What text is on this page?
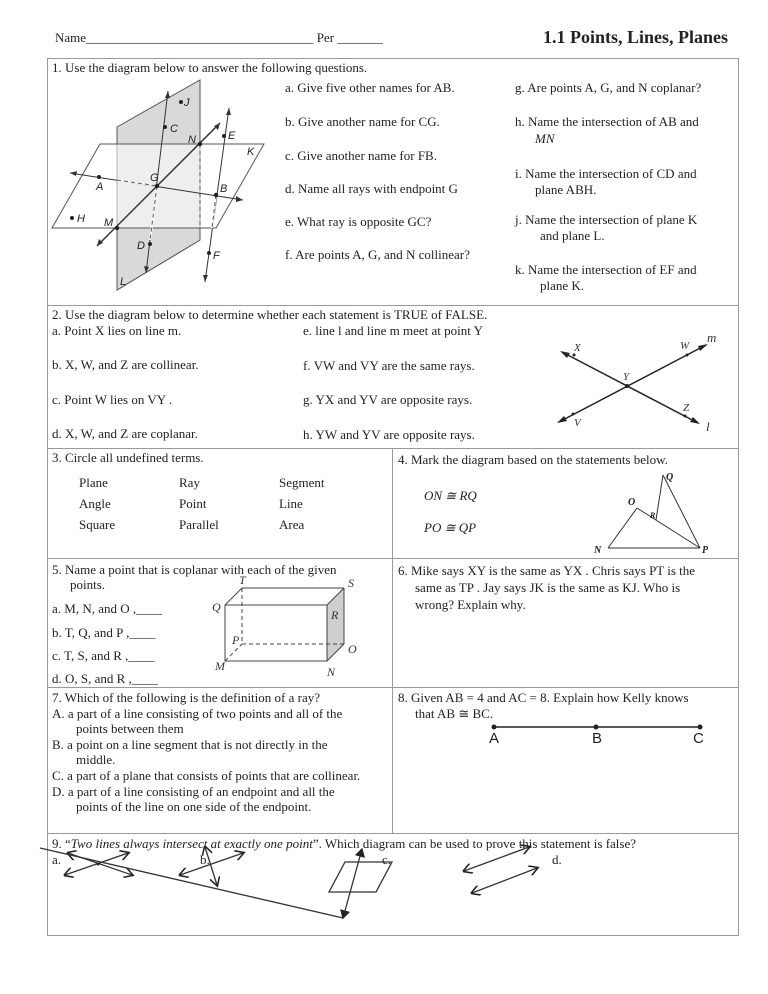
Name___________________________________ Per _______	1.1 Points, Lines, Planes
1. Use the diagram below to answer the following questions.
J
C
N	E
K
A
G
B
H M
D
F
L
a. Give five other names for AB.
b. Give another name for CG.
c. Give another name for FB.
d. Name all rays with endpoint G
e. What ray is opposite GC?
f. Are points A, G, and N collinear?
g. Are points A, G, and N coplanar?
h. Name the intersection of AB and
MN
i. Name the intersection of CD and
plane ABH.
j. Name the intersection of plane K
and plane L.
k. Name the intersection of EF and
plane K.
2. Use the diagram below to determine whether each statement is TRUE of FALSE.
a. Point X lies on line m.
b. X, W, and Z are collinear.
c. Point W lies on VY .
d. X, W, and Z are coplanar.
e. line l and line m meet at point Y
f. VW and VY are the same rays.
g. YX and YV are opposite rays.
h. YW and YV are opposite rays.
X	W
m
Y
Z
V	l
3. Circle all undefined terms.
Plane	Ray	Segment
Angle	Point	Line
Square	Parallel	Area
4. Mark the diagram based on the statements below.
ON ≅ RQ
PO ≅ QP
Q
O
R
N	P
5. Name a point that is coplanar with each of the given
points.
a. M, N, and O ,____
b. T, Q, and P ,____
c. T, S, and R ,____
d. O, S, and R ,____
T	S
Q
R
P
O
M	N
6. Mike says XY is the same as YX . Chris says PT is the
same as TP . Jay says JK is the same as KJ. Who is
wrong? Explain why.
7. Which of the following is the definition of a ray?
A. a part of a line consisting of two points and all of the
points between them
B. a point on a line segment that is not directly in the
middle.
C. a part of a plane that consists of points that are collinear.
D. a part of a line consisting of an endpoint and all the
points of the line on one side of the endpoint.
8. Given AB = 4 and AC = 8. Explain how Kelly knows
that AB ≅ BC.
A	B	C
9. “Two lines always intersect at exactly one point”. Which diagram can be used to prove this statement is false?
a.	b.	c.	d.
